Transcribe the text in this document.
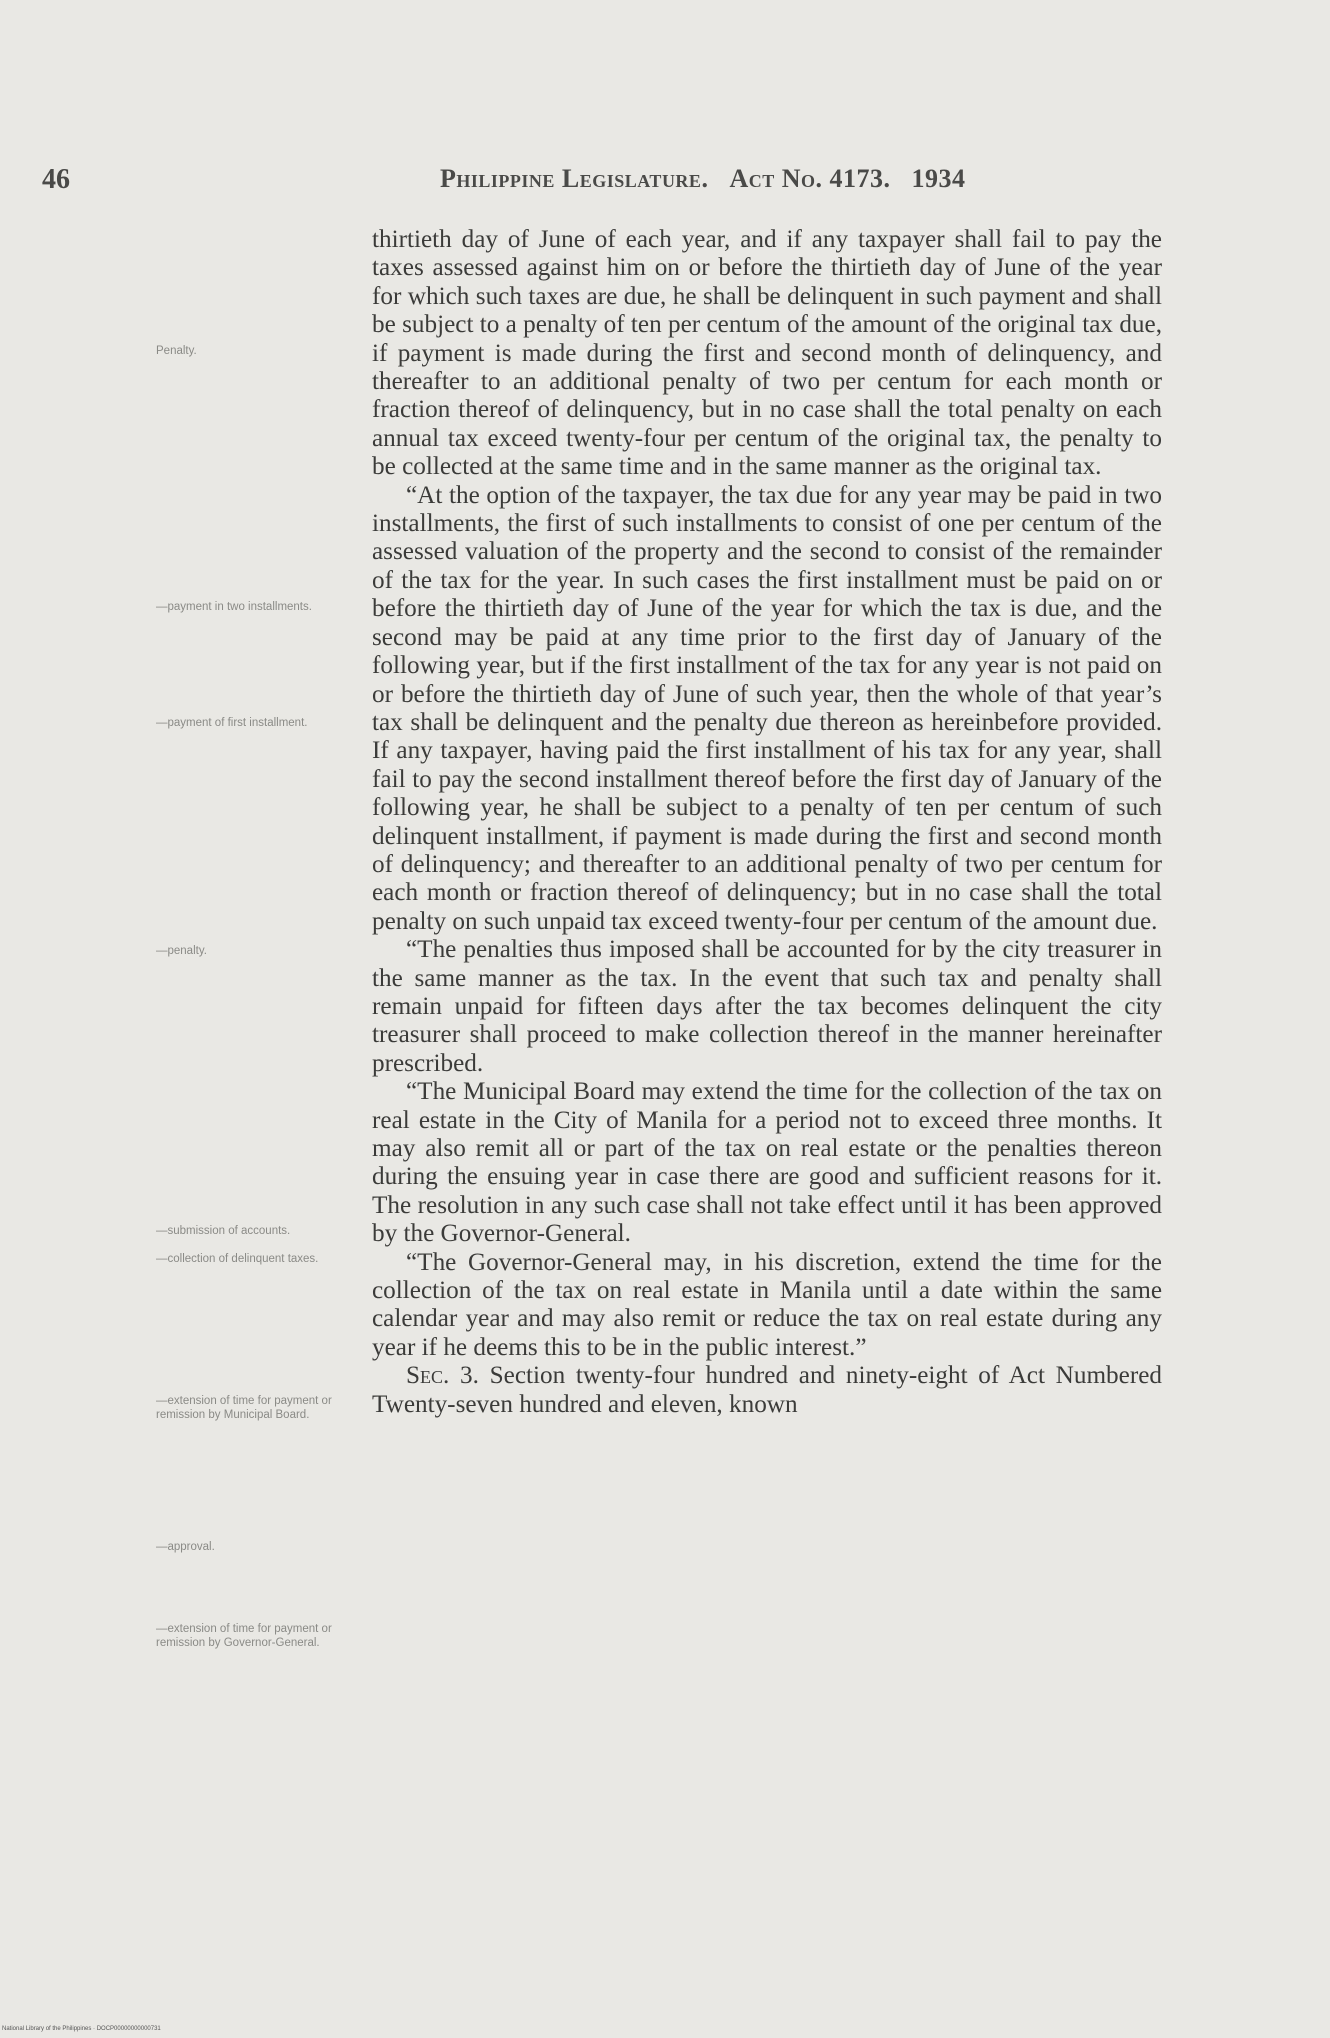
46	Philippine Legislature. Act No. 4173. 1934
Penalty.
—payment in two installments.
—payment of first installment.
—penalty.
—submission of accounts.
—collection of delinquent taxes.
—extension of time for payment or remission by Municipal Board.
—approval.
—extension of time for payment or remission by Governor-General.

thirtieth day of June of each year, and if any taxpayer shall fail to pay the taxes assessed against him on or before the thirtieth day of June of the year for which such taxes are due, he shall be delinquent in such payment and shall be subject to a penalty of ten per centum of the amount of the original tax due, if payment is made during the first and second month of delinquency, and thereafter to an additional penalty of two per centum for each month or fraction thereof of delinquency, but in no case shall the total penalty on each annual tax exceed twenty-four per centum of the original tax, the penalty to be collected at the same time and in the same manner as the original tax.

“At the option of the taxpayer, the tax due for any year may be paid in two installments, the first of such installments to consist of one per centum of the assessed valuation of the property and the second to consist of the remainder of the tax for the year. In such cases the first installment must be paid on or before the thirtieth day of June of the year for which the tax is due, and the second may be paid at any time prior to the first day of January of the following year, but if the first installment of the tax for any year is not paid on or before the thirtieth day of June of such year, then the whole of that year’s tax shall be delinquent and the penalty due thereon as hereinbefore provided. If any taxpayer, having paid the first installment of his tax for any year, shall fail to pay the second installment thereof before the first day of January of the following year, he shall be subject to a penalty of ten per centum of such delinquent installment, if payment is made during the first and second month of delinquency; and thereafter to an additional penalty of two per centum for each month or fraction thereof of delinquency; but in no case shall the total penalty on such unpaid tax exceed twenty-four per centum of the amount due.

“The penalties thus imposed shall be accounted for by the city treasurer in the same manner as the tax. In the event that such tax and penalty shall remain unpaid for fifteen days after the tax becomes delinquent the city treasurer shall proceed to make collection thereof in the manner hereinafter prescribed.

“The Municipal Board may extend the time for the collection of the tax on real estate in the City of Manila for a period not to exceed three months. It may also remit all or part of the tax on real estate or the penalties thereon during the ensuing year in case there are good and sufficient reasons for it. The resolution in any such case shall not take effect until it has been approved by the Governor-General.

“The Governor-General may, in his discretion, extend the time for the collection of the tax on real estate in Manila until a date within the same calendar year and may also remit or reduce the tax on real estate during any year if he deems this to be in the public interest.”

Sec. 3. Section twenty-four hundred and ninety-eight of Act Numbered Twenty-seven hundred and eleven, known

National Library of the Philippines · DOCP00000000000731
